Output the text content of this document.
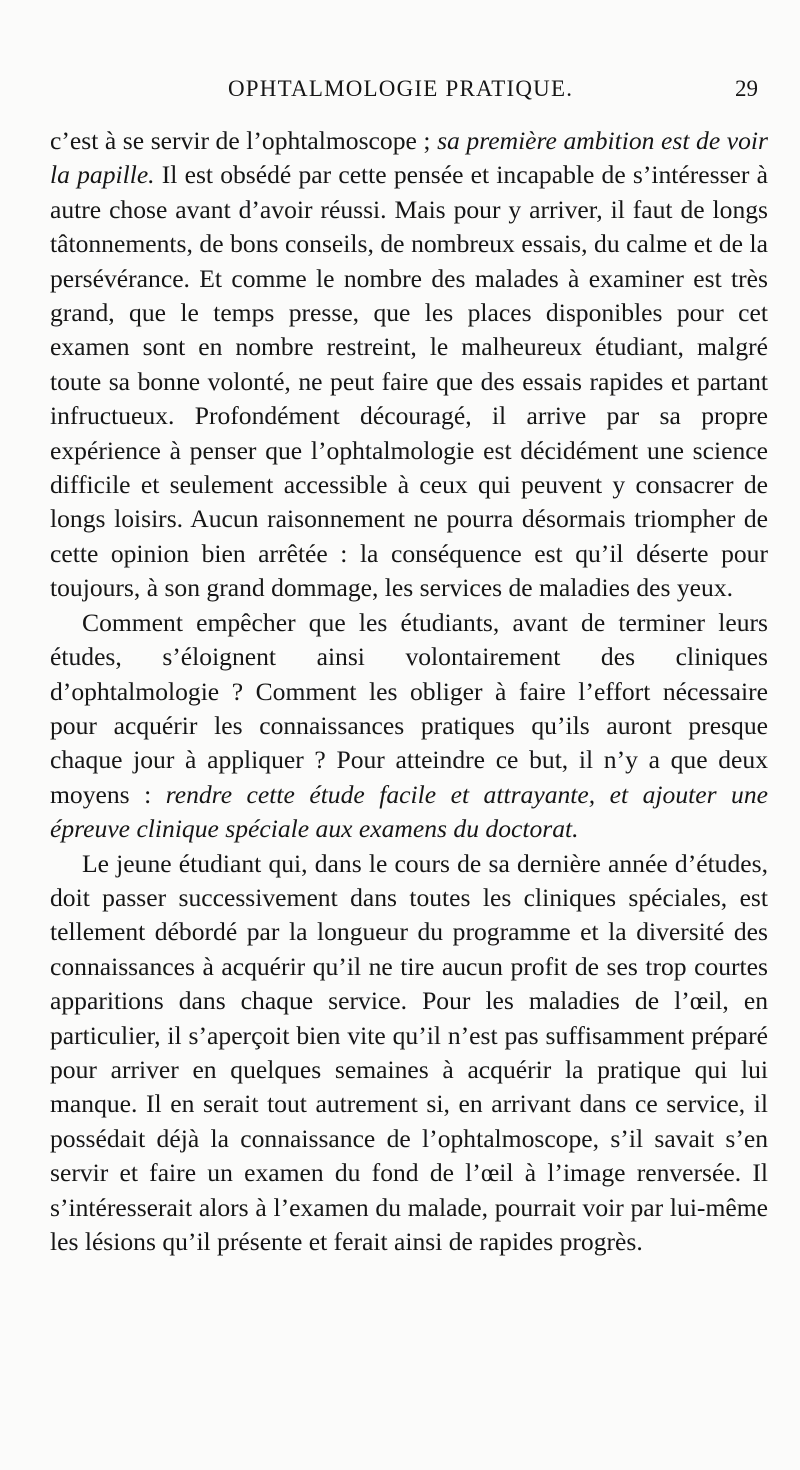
OPHTALMOLOGIE PRATIQUE.	29

c’est à se servir de l’ophtalmoscope ; sa première ambition est de voir la papille. Il est obsédé par cette pensée et incapable de s’intéresser à autre chose avant d’avoir réussi. Mais pour y arriver, il faut de longs tâtonnements, de bons conseils, de nombreux essais, du calme et de la persévérance. Et comme le nombre des malades à examiner est très grand, que le temps presse, que les places disponibles pour cet examen sont en nombre restreint, le malheureux étudiant, malgré toute sa bonne volonté, ne peut faire que des essais rapides et partant infructueux. Profondément découragé, il arrive par sa propre expérience à penser que l’ophtalmologie est décidément une science difficile et seulement accessible à ceux qui peuvent y consacrer de longs loisirs. Aucun raisonnement ne pourra désormais triompher de cette opinion bien arrêtée : la conséquence est qu’il déserte pour toujours, à son grand dommage, les services de maladies des yeux.

Comment empêcher que les étudiants, avant de terminer leurs études, s’éloignent ainsi volontairement des cliniques d’ophtalmologie ? Comment les obliger à faire l’effort nécessaire pour acquérir les connaissances pratiques qu’ils auront presque chaque jour à appliquer ? Pour atteindre ce but, il n’y a que deux moyens : rendre cette étude facile et attrayante, et ajouter une épreuve clinique spéciale aux examens du doctorat.

Le jeune étudiant qui, dans le cours de sa dernière année d’études, doit passer successivement dans toutes les cliniques spéciales, est tellement débordé par la longueur du programme et la diversité des connaissances à acquérir qu’il ne tire aucun profit de ses trop courtes apparitions dans chaque service. Pour les maladies de l’œil, en particulier, il s’aperçoit bien vite qu’il n’est pas suffisamment préparé pour arriver en quelques semaines à acquérir la pratique qui lui manque. Il en serait tout autrement si, en arrivant dans ce service, il possédait déjà la connaissance de l’ophtalmoscope, s’il savait s’en servir et faire un examen du fond de l’œil à l’image renversée. Il s’intéresserait alors à l’examen du malade, pourrait voir par lui-même les lésions qu’il présente et ferait ainsi de rapides progrès.
